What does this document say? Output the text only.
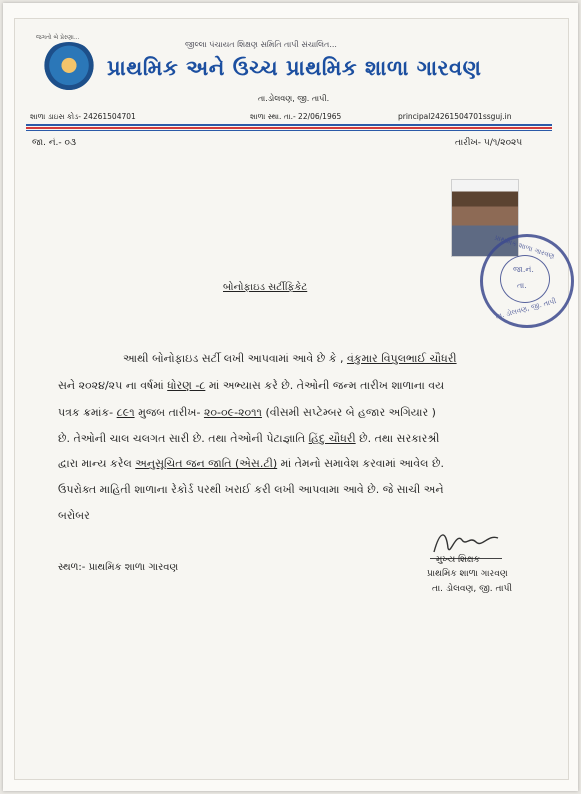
જગતો બે પ્રેરણા...
જીલ્લા પંચાયત શિક્ષણ સમિતિ તાપી સંચાલિત...
પ્રાથમિક અને ઉચ્ચ પ્રાથમિક શાળા ગારવણ
તા.ડોલવણ, જી. તાપી.
શાળા ડાઇસ કોડ- 24261504701	શાળા સ્થા. તા.- 22/06/1965	principal24261504701ssguj.in
જા. નં.- ૦૩	તારીખ- ૫/૧/૨૦૨૫
પ્રાથમિક શાળા ગારવણ
જા.નં.
તા.
તા. ડોલવણ, જી. તાપી
બોનોફાઇડ સર્ટીફિકેટ
આથી બોનોફાઇડ સર્ટી લખી આપવામાં આવે છે કે , વંકુમાર વિપુલભાઈ ચૌધરી
સને ૨૦૨૪/૨૫ ના વર્ષમાં ધોરણ -૮ માં અભ્યાસ કરે છે. તેઓની જન્મ તારીખ શાળાના વય
પત્રક ક્રમાંક- ૮૯૧ મુજબ તારીખ- ૨૦-૦૯-૨૦૧૧ (વીસમી સપ્ટેમ્બર બે હજાર અગિયાર )
છે. તેઓની ચાલ ચલગત સારી છે. તથા તેઓની પેટાજ્ઞાતિ હિંદુ ચૌધરી છે. તથા સરકારશ્રી
દ્વારા માન્ય કરેલ અનુસૂચિત જન જાતિ (એસ.ટી) માં તેમનો સમાવેશ કરવામાં આવેલ છે.
ઉપરોક્ત માહિતી શાળાના રેકોર્ડ પરથી ખરાઈ કરી લખી આપવામા આવે છે. જે સાચી અને
બરોબર
સ્થળ:- પ્રાથમિક શાળા ગારવણ
મુખ્ય શિક્ષક
પ્રાથમિક શાળા ગારવણ
તા. ડોલવણ, જી. તાપી
